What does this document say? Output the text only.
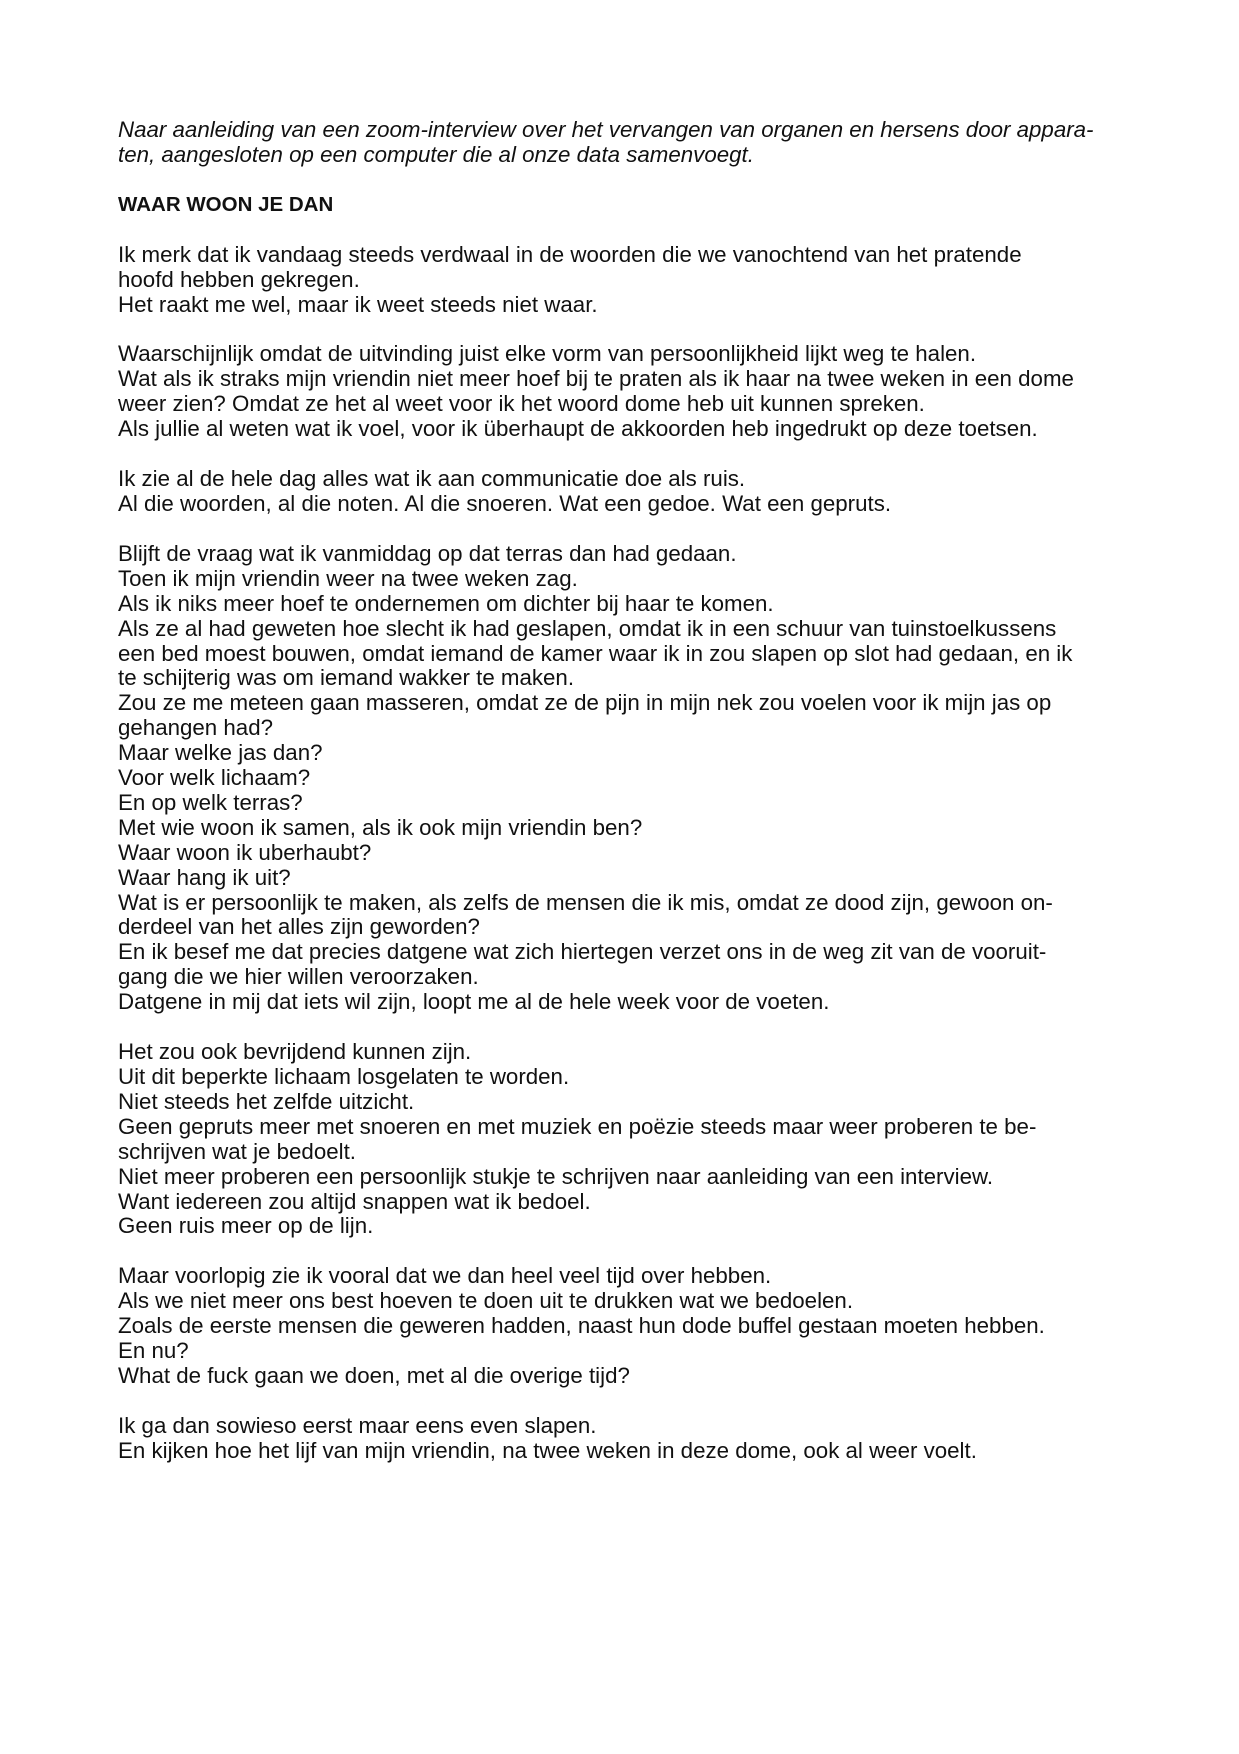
Naar aanleiding van een zoom-interview over het vervangen van organen en hersens door appara-
ten, aangesloten op een computer die al onze data samenvoegt.
WAAR WOON JE DAN
Ik merk dat ik vandaag steeds verdwaal in de woorden die we vanochtend van het pratende
hoofd hebben gekregen.
Het raakt me wel, maar ik weet steeds niet waar.
Waarschijnlijk omdat de uitvinding juist elke vorm van persoonlijkheid lijkt weg te halen.
Wat als ik straks mijn vriendin niet meer hoef bij te praten als ik haar na twee weken in een dome
weer zien? Omdat ze het al weet voor ik het woord dome heb uit kunnen spreken.
Als jullie al weten wat ik voel, voor ik überhaupt de akkoorden heb ingedrukt op deze toetsen.
Ik zie al de hele dag alles wat ik aan communicatie doe als ruis.
Al die woorden, al die noten. Al die snoeren. Wat een gedoe. Wat een gepruts.
Blijft de vraag wat ik vanmiddag op dat terras dan had gedaan.
Toen ik mijn vriendin weer na twee weken zag.
Als ik niks meer hoef te ondernemen om dichter bij haar te komen.
Als ze al had geweten hoe slecht ik had geslapen, omdat ik in een schuur van tuinstoelkussens
een bed moest bouwen, omdat iemand de kamer waar ik in zou slapen op slot had gedaan, en ik
te schijterig was om iemand wakker te maken.
Zou ze me meteen gaan masseren, omdat ze de pijn in mijn nek zou voelen voor ik mijn jas op
gehangen had?
Maar welke jas dan?
Voor welk lichaam?
En op welk terras?
Met wie woon ik samen, als ik ook mijn vriendin ben?
Waar woon ik uberhaubt?
Waar hang ik uit?
Wat is er persoonlijk te maken, als zelfs de mensen die ik mis, omdat ze dood zijn, gewoon on-
derdeel van het alles zijn geworden?
En ik besef me dat precies datgene wat zich hiertegen verzet ons in de weg zit van de vooruit-
gang die we hier willen veroorzaken.
Datgene in mij dat iets wil zijn, loopt me al de hele week voor de voeten.
Het zou ook bevrijdend kunnen zijn.
Uit dit beperkte lichaam losgelaten te worden.
Niet steeds het zelfde uitzicht.
Geen gepruts meer met snoeren en met muziek en poëzie steeds maar weer proberen te be-
schrijven wat je bedoelt.
Niet meer proberen een persoonlijk stukje te schrijven naar aanleiding van een interview.
Want iedereen zou altijd snappen wat ik bedoel.
Geen ruis meer op de lijn.
Maar voorlopig zie ik vooral dat we dan heel veel tijd over hebben.
Als we niet meer ons best hoeven te doen uit te drukken wat we bedoelen.
Zoals de eerste mensen die geweren hadden, naast hun dode buffel gestaan moeten hebben.
En nu?
What de fuck gaan we doen, met al die overige tijd?
Ik ga dan sowieso eerst maar eens even slapen.
En kijken hoe het lijf van mijn vriendin, na twee weken in deze dome, ook al weer voelt.
